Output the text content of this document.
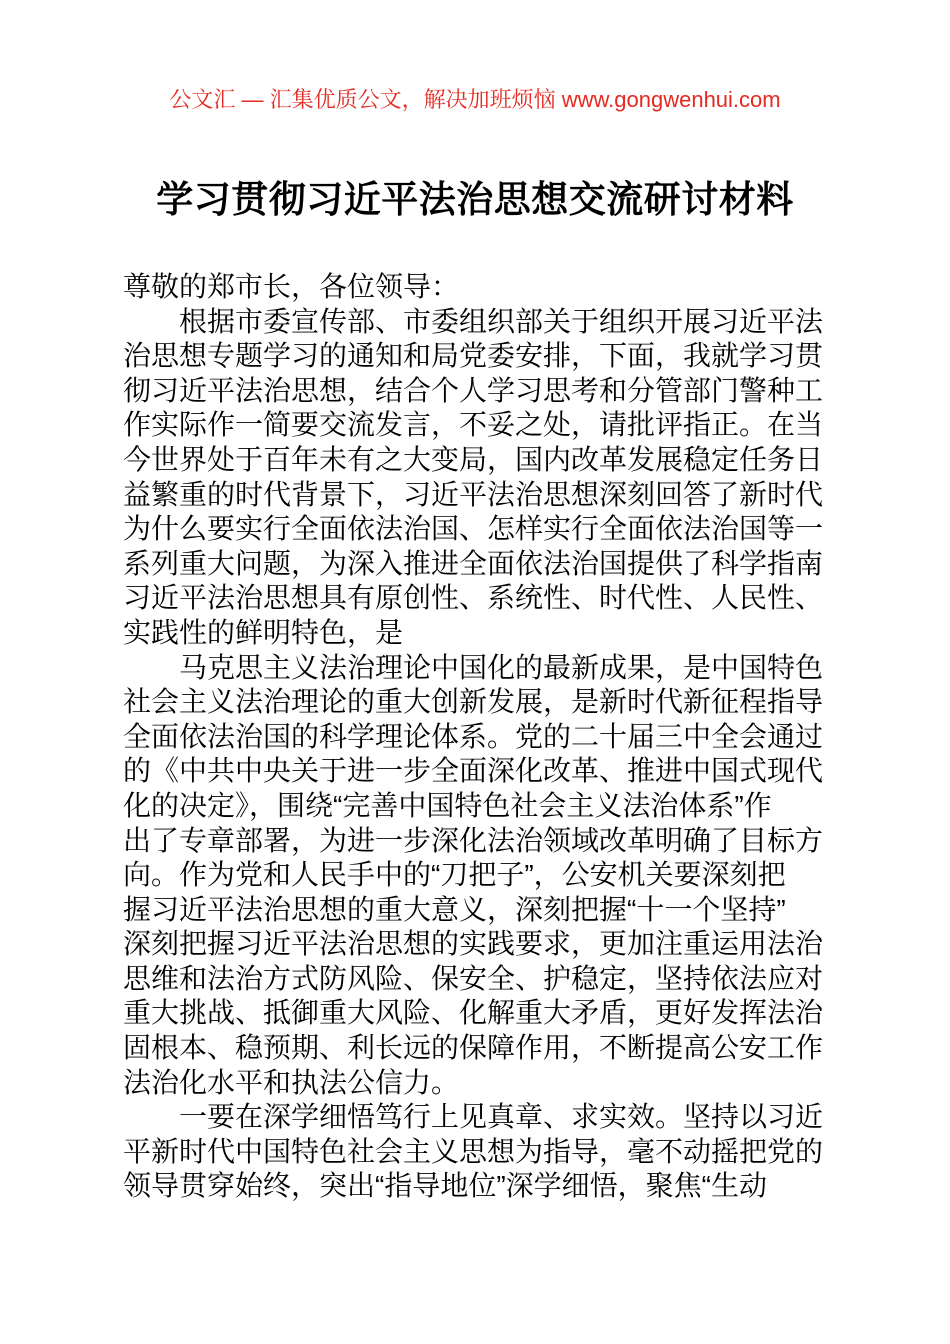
公文汇 — 汇集优质公文，解决加班烦恼 www.gongwenhui.com
学习贯彻习近平法治思想交流研讨材料
尊敬的郑市长，各位领导：
　　根据市委宣传部、市委组织部关于组织开展习近平法
治思想专题学习的通知和局党委安排，下面，我就学习贯
彻习近平法治思想，结合个人学习思考和分管部门警种工
作实际作一简要交流发言，不妥之处，请批评指正。在当
今世界处于百年未有之大变局，国内改革发展稳定任务日
益繁重的时代背景下，习近平法治思想深刻回答了新时代
为什么要实行全面依法治国、怎样实行全面依法治国等一
系列重大问题，为深入推进全面依法治国提供了科学指南
习近平法治思想具有原创性、系统性、时代性、人民性、
实践性的鲜明特色，是
　　马克思主义法治理论中国化的最新成果，是中国特色
社会主义法治理论的重大创新发展，是新时代新征程指导
全面依法治国的科学理论体系。党的二十届三中全会通过
的《中共中央关于进一步全面深化改革、推进中国式现代
化的决定》，围绕“完善中国特色社会主义法治体系”作
出了专章部署，为进一步深化法治领域改革明确了目标方
向。作为党和人民手中的“刀把子”，公安机关要深刻把
握习近平法治思想的重大意义，深刻把握“十一个坚持”
深刻把握习近平法治思想的实践要求，更加注重运用法治
思维和法治方式防风险、保安全、护稳定，坚持依法应对
重大挑战、抵御重大风险、化解重大矛盾，更好发挥法治
固根本、稳预期、利长远的保障作用，不断提高公安工作
法治化水平和执法公信力。
　　一要在深学细悟笃行上见真章、求实效。坚持以习近
平新时代中国特色社会主义思想为指导，毫不动摇把党的
领导贯穿始终，突出“指导地位”深学细悟，聚焦“生动
